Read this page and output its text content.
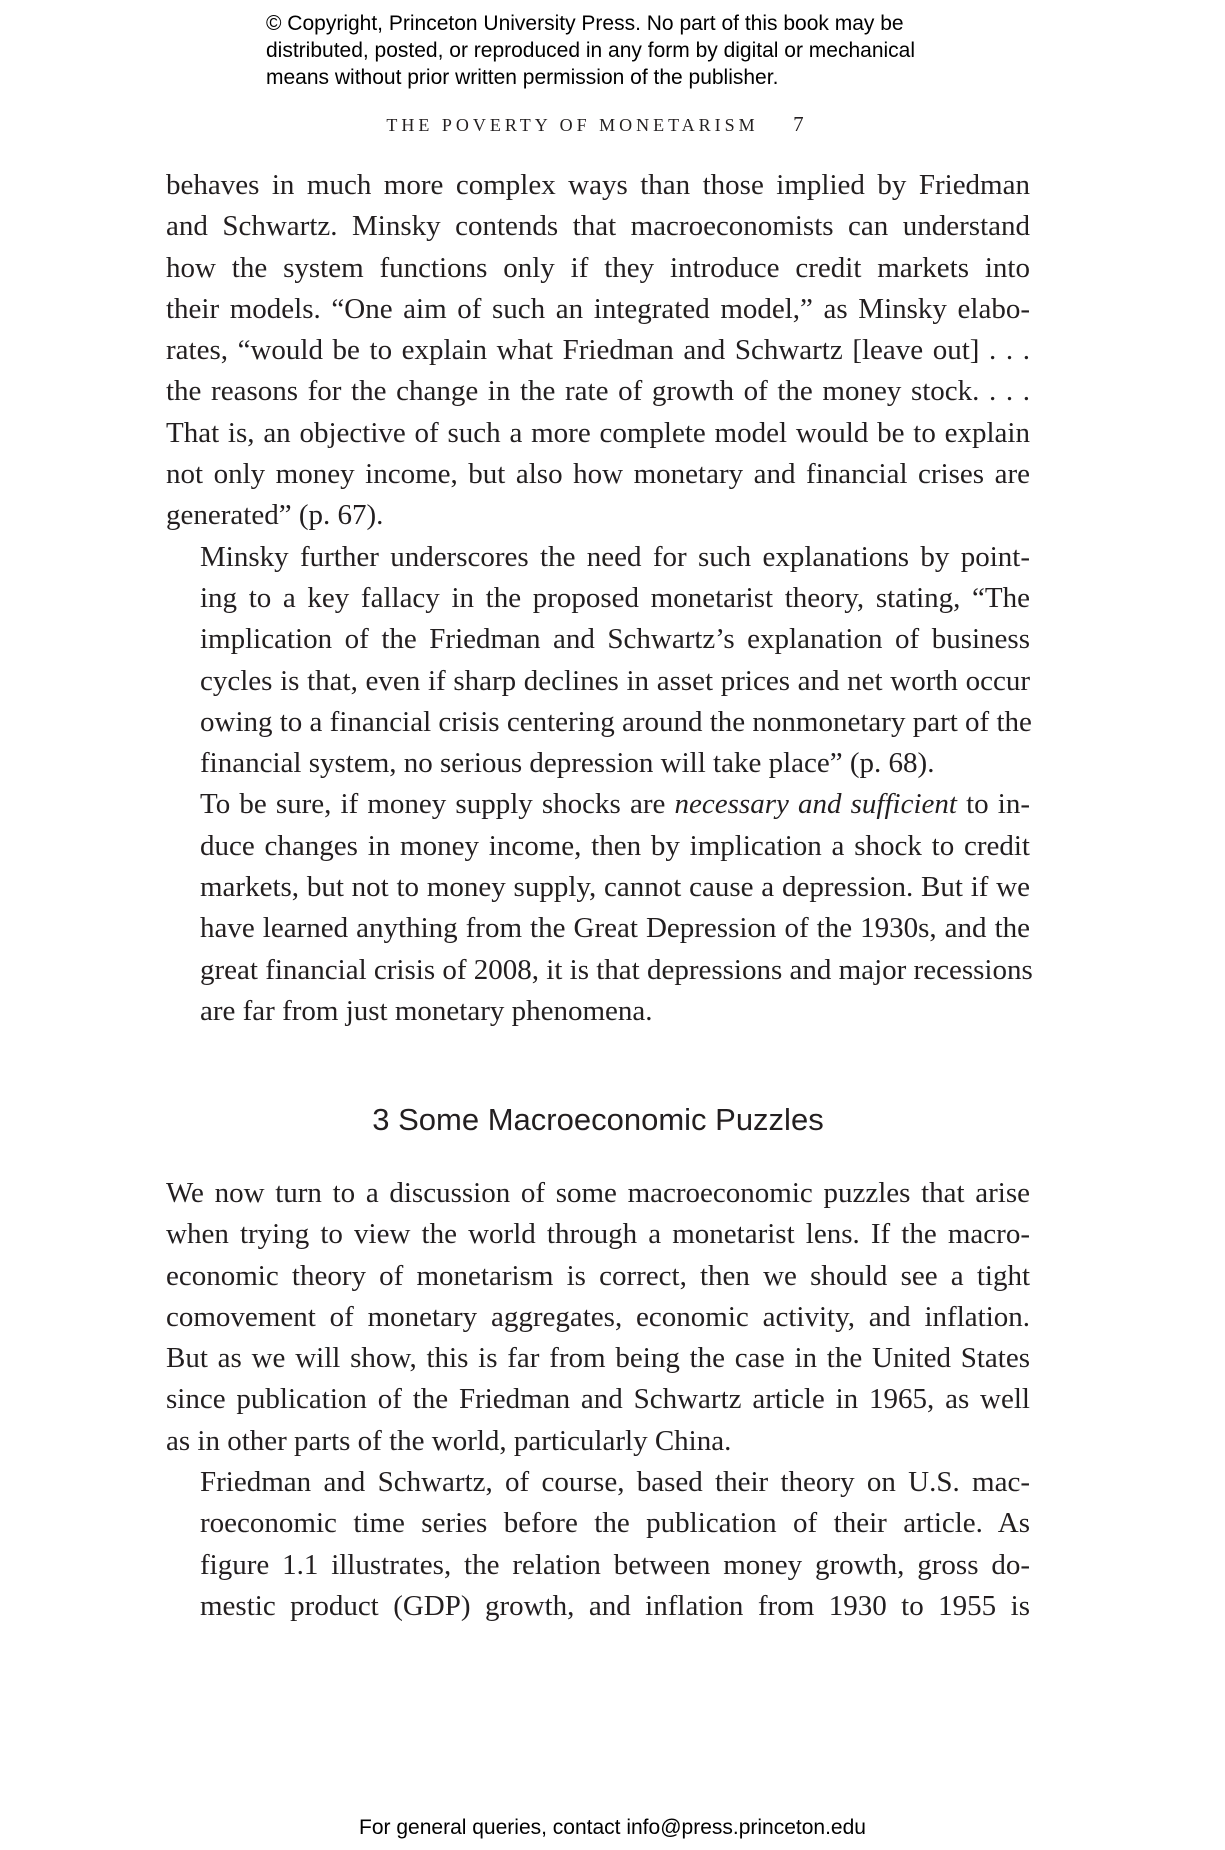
© Copyright, Princeton University Press. No part of this book may be
distributed, posted, or reproduced in any form by digital or mechanical
means without prior written permission of the publisher.
THE POVERTY OF MONETARISM 7

behaves in much more complex ways than those implied by Friedman
and Schwartz. Minsky contends that macroeconomists can understand
how the system functions only if they introduce credit markets into
their models. “One aim of such an integrated model,” as Minsky elabo-
rates, “would be to explain what Friedman and Schwartz [leave out] . . .
the reasons for the change in the rate of growth of the money stock. . . .
That is, an objective of such a more complete model would be to explain
not only money income, but also how monetary and financial crises are
generated” (p. 67).

Minsky further underscores the need for such explanations by point-
ing to a key fallacy in the proposed monetarist theory, stating, “The
implication of the Friedman and Schwartz’s explanation of business
cycles is that, even if sharp declines in asset prices and net worth occur
owing to a financial crisis centering around the nonmonetary part of the
financial system, no serious depression will take place” (p. 68).

To be sure, if money supply shocks are necessary and sufficient to in-
duce changes in money income, then by implication a shock to credit
markets, but not to money supply, cannot cause a depression. But if we
have learned anything from the Great Depression of the 1930s, and the
great financial crisis of 2008, it is that depressions and major recessions
are far from just monetary phenomena.

3 Some Macroeconomic Puzzles

We now turn to a discussion of some macroeconomic puzzles that arise
when trying to view the world through a monetarist lens. If the macro-
economic theory of monetarism is correct, then we should see a tight
comovement of monetary aggregates, economic activity, and inflation.
But as we will show, this is far from being the case in the United States
since publication of the Friedman and Schwartz article in 1965, as well
as in other parts of the world, particularly China.

Friedman and Schwartz, of course, based their theory on U.S. mac-
roeconomic time series before the publication of their article. As
figure 1.1 illustrates, the relation between money growth, gross do-
mestic product (GDP) growth, and inflation from 1930 to 1955 is

For general queries, contact info@press.princeton.edu
